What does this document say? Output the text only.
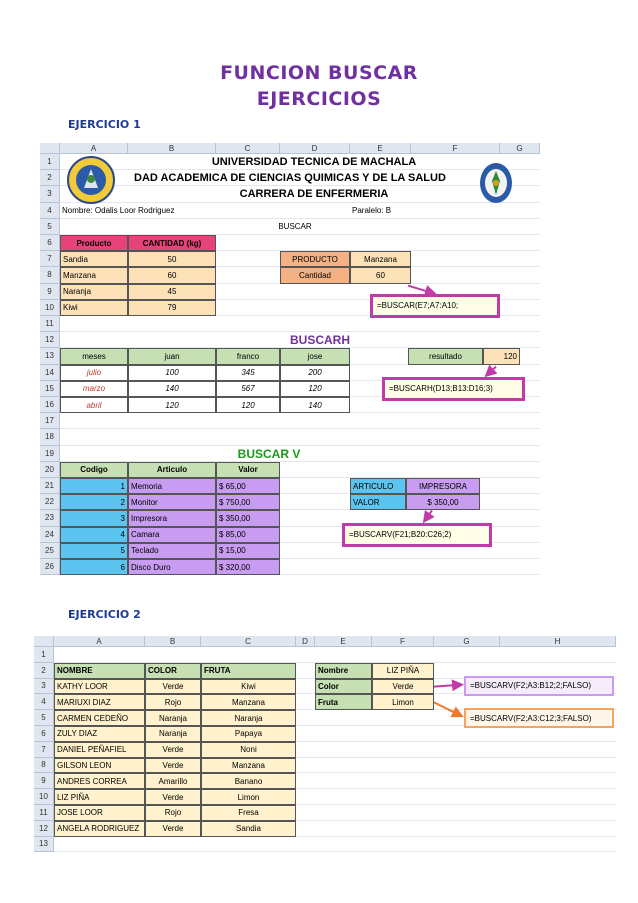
FUNCION BUSCAR
EJERCICIOS
EJERCICIO 1
A	B	C	D	E	F	G
1
2
3
4
5
6
7
8
9
10
11
12
13
14
15
16
17
18
19
20
21
22
23
24
25
26
UNIVERSIDAD TECNICA DE MACHALA
DAD ACADEMICA DE CIENCIAS QUIMICAS Y DE LA SALUD
CARRERA DE ENFERMERIA
Nombre: Odalis Loor Rodriguez	Paralelo: B
BUSCAR
Producto	CANTIDAD (kg)
Sandia	50
Manzana	60
Naranja	45
Kiwi	79
PRODUCTO	Manzana
Cantidad	60
=BUSCAR(E7;A7:A10;
BUSCARH
meses	juan	franco	jose
julio	100	345	200
marzo	140	567	120
abril	120	120	140
resultado	120
=BUSCARH(D13;B13:D16;3)
BUSCAR V
Codigo	Articulo	Valor
1 Memoria	$ 65,00
2 Monitor	$ 750,00
3 Impresora	$ 350,00
4 Camara	$ 85,00
5 Teclado	$ 15,00
6 Disco Duro	$ 320,00
ARTICULO	IMPRESORA
VALOR	$ 350,00
=BUSCARV(F21;B20:C26;2)
EJERCICIO 2
A	B	C	D	E	F	G	H
1
2
3
4
5
6
7
8
9
10
11
12
13
NOMBRE	COLOR	FRUTA
KATHY LOOR	Verde	Kiwi
MARIUXI DIAZ	Rojo	Manzana
CARMEN CEDEÑO	Naranja	Naranja
ZULY DIAZ	Naranja	Papaya
DANIEL PEÑAFIEL	Verde	Noni
GILSON LEON	Verde	Manzana
ANDRES CORREA	Amarillo	Banano
LIZ PIÑA	Verde	Limon
JOSE LOOR	Rojo	Fresa
ANGELA RODRIGUEZ	Verde	Sandia
Nombre	LIZ PIÑA
Color	Verde
Fruta	Limon
=BUSCARV(F2;A3:B12;2;FALSO)
=BUSCARV(F2;A3:C12;3;FALSO)
